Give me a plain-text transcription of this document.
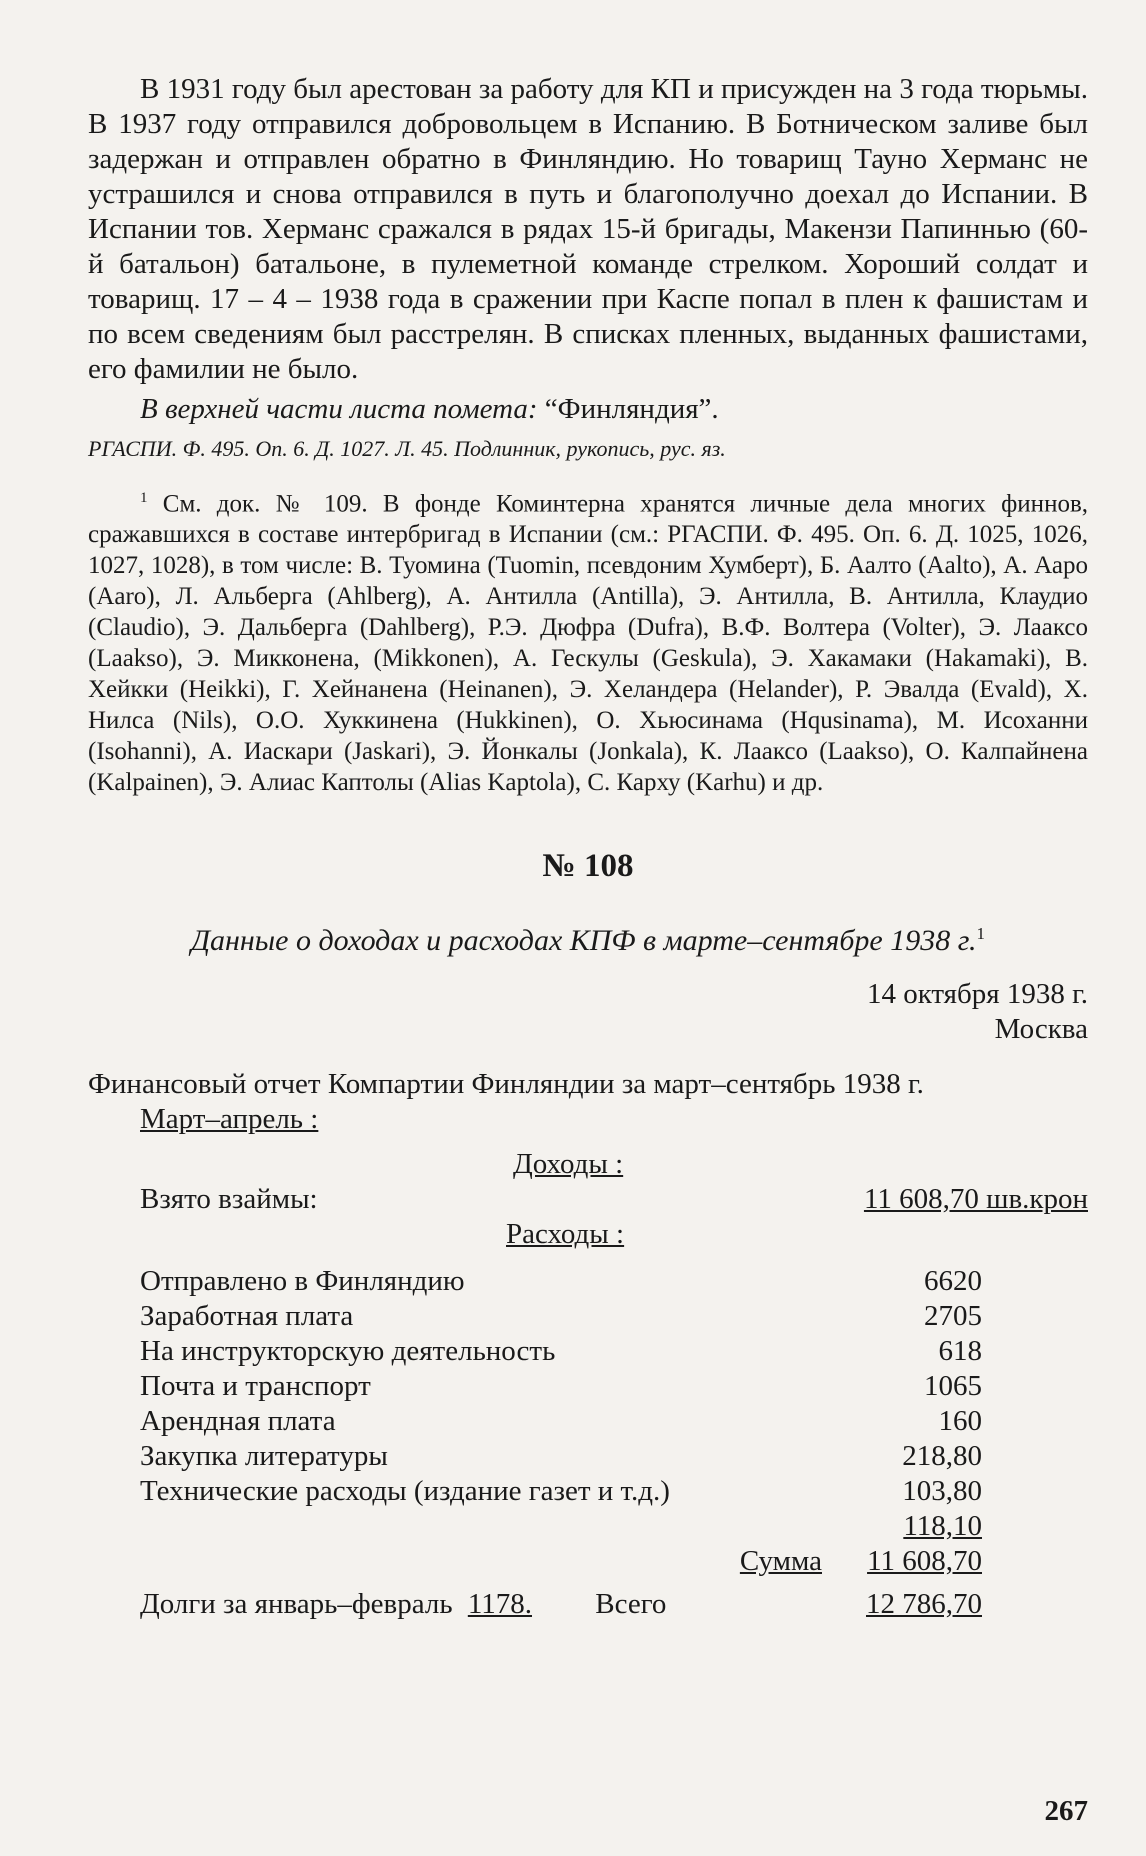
В 1931 году был арестован за работу для КП и присужден на 3 года тюрьмы. В 1937 году отправился добровольцем в Испанию. В Ботническом заливе был задержан и отправлен обратно в Финляндию. Но товарищ Тауно Херманс не устрашился и снова отправился в путь и благополучно доехал до Испании. В Испании тов. Херманс сражался в рядах 15-й бригады, Макензи Папиннью (60-й батальон) батальоне, в пулеметной команде стрелком. Хороший солдат и товарищ. 17 – 4 – 1938 года в сражении при Каспе попал в плен к фашистам и по всем сведениям был расстрелян. В списках пленных, выданных фашистами, его фамилии не было.

В верхней части листа помета: “Финляндия”.

РГАСПИ. Ф. 495. Оп. 6. Д. 1027. Л. 45. Подлинник, рукопись, рус. яз.

$^1$ См. док. № 109. В фонде Коминтерна хранятся личные дела многих финнов, сражавшихся в составе интербригад в Испании (см.: РГАСПИ. Ф. 495. Оп. 6. Д. 1025, 1026, 1027, 1028), в том числе: В. Туомина (Tuomin, псевдоним Хумберт), Б. Аалто (Aalto), А. Ааро (Aaro), Л. Альберга (Ahlberg), А. Антилла (Antilla), Э. Антилла, В. Антилла, Клаудио (Claudio), Э. Дальберга (Dahlberg), Р.Э. Дюфра (Dufra), В.Ф. Волтера (Volter), Э. Лааксо (Laakso), Э. Микконена, (Mikkonen), А. Гескулы (Geskula), Э. Хакамаки (Hakamaki), В. Хейкки (Heikki), Г. Хейнанена (Heinanen), Э. Хеландера (Helander), Р. Эвалда (Evald), Х. Нилса (Nils), О.О. Хуккинена (Hukkinen), О. Хьюсинама (Hqusinama), М. Исоханни (Isohanni), А. Иаскари (Jaskari), Э. Йонкалы (Jonkala), К. Лааксо (Laakso), О. Калпайнена (Kalpainen), Э. Алиас Каптолы (Alias Kaptola), С. Карху (Karhu) и др.

№ 108

Данные о доходах и расходах КПФ в марте–сентябре 1938 г.$^1$

14 октября 1938 г.

Москва

Финансовый отчет Компартии Финляндии за март–сентябрь 1938 г.

Март–апрель :

Доходы :

Взято взаймы:	11 608,70 шв.крон

Расходы :

Отправлено в Финляндию	6620
Заработная плата	2705
На инструкторскую деятельность	618
Почта и транспорт	1065
Арендная плата	160
Закупка литературы	218,80
Технические расходы (издание газет и т.д.)	103,80
118,10
Сумма	11 608,70
Долги за январь–февраль 1178. Всего	12 786,70
267
